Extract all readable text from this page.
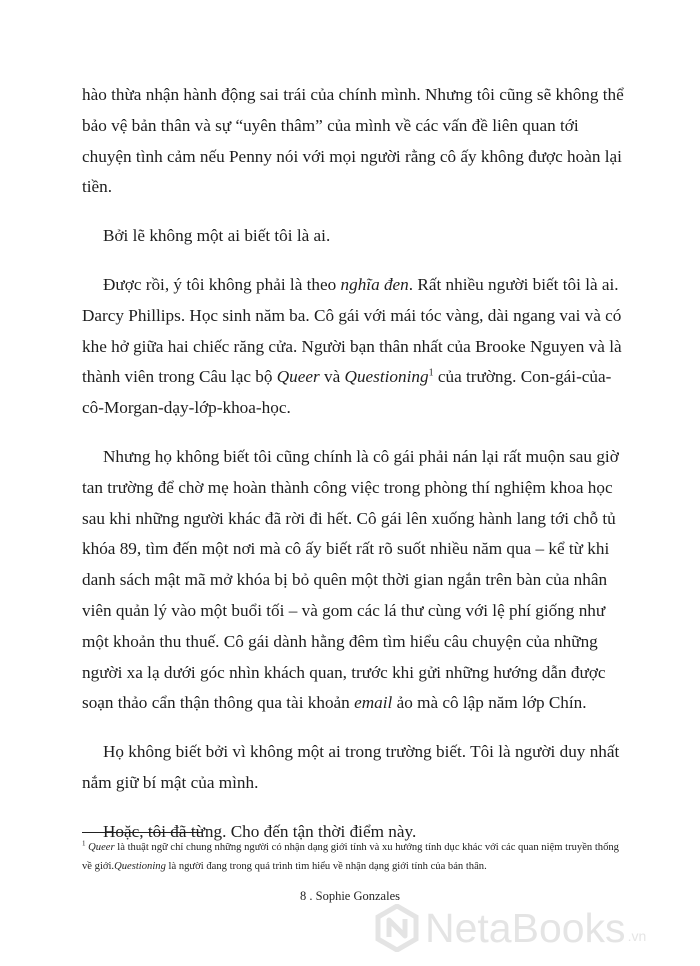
hào thừa nhận hành động sai trái của chính mình. Nhưng tôi cũng sẽ không thể bảo vệ bản thân và sự “uyên thâm” của mình về các vấn đề liên quan tới chuyện tình cảm nếu Penny nói với mọi người rằng cô ấy không được hoàn lại tiền.

Bởi lẽ không một ai biết tôi là ai.

Được rồi, ý tôi không phải là theo nghĩa đen. Rất nhiều người biết tôi là ai. Darcy Phillips. Học sinh năm ba. Cô gái với mái tóc vàng, dài ngang vai và có khe hở giữa hai chiếc răng cửa. Người bạn thân nhất của Brooke Nguyen và là thành viên trong Câu lạc bộ Queer và Questioning$^1$ của trường. Con-gái-của-cô-Morgan-dạy-lớp-khoa-học.

Nhưng họ không biết tôi cũng chính là cô gái phải nán lại rất muộn sau giờ tan trường để chờ mẹ hoàn thành công việc trong phòng thí nghiệm khoa học sau khi những người khác đã rời đi hết. Cô gái lên xuống hành lang tới chỗ tủ khóa 89, tìm đến một nơi mà cô ấy biết rất rõ suốt nhiều năm qua – kể từ khi danh sách mật mã mở khóa bị bỏ quên một thời gian ngắn trên bàn của nhân viên quản lý vào một buổi tối – và gom các lá thư cùng với lệ phí giống như một khoản thu thuế. Cô gái dành hằng đêm tìm hiểu câu chuyện của những người xa lạ dưới góc nhìn khách quan, trước khi gửi những hướng dẫn được soạn thảo cẩn thận thông qua tài khoản email ảo mà cô lập năm lớp Chín.

Họ không biết bởi vì không một ai trong trường biết. Tôi là người duy nhất nắm giữ bí mật của mình.

Hoặc, tôi đã từng. Cho đến tận thời điểm này.

$^1$ Queer là thuật ngữ chỉ chung những người có nhận dạng giới tính và xu hướng tính dục khác với các quan niệm truyền thống về giới.Questioning là người đang trong quá trình tìm hiểu về nhận dạng giới tính của bản thân.
8 . Sophie Gonzales
NetaBooks .vn
